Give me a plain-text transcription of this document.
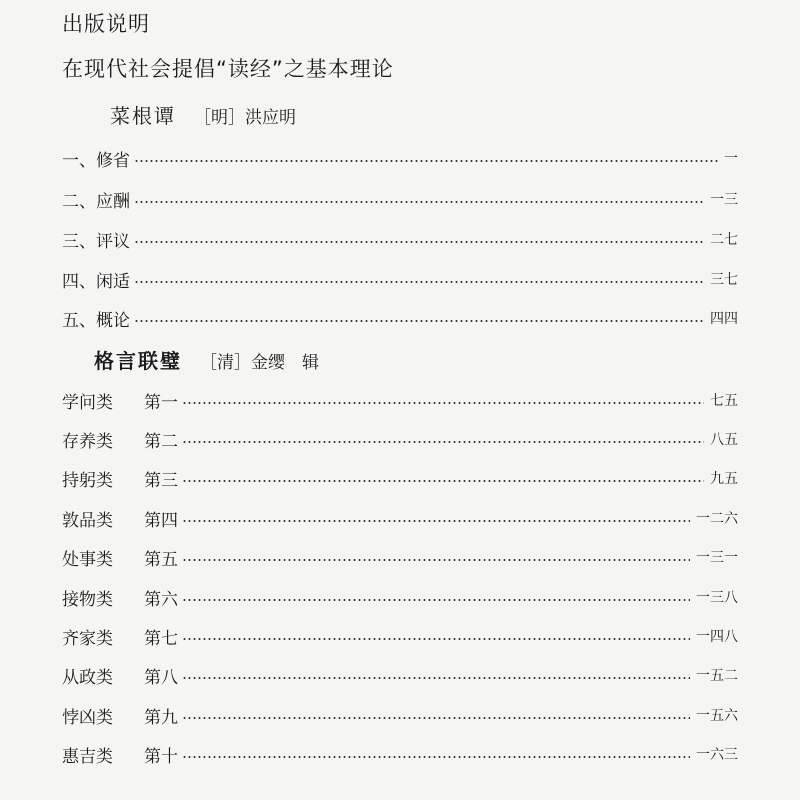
出版说明
在现代社会提倡“读经”之基本理论
菜根谭 ［明］洪应明
一、修省	一
二、应酬	一三
三、评议	二七
四、闲适	三七
五、概论	四四
格言联璧 ［清］金缨　辑
学问类	第一	七五
存养类	第二	八五
持躬类	第三	九五
敦品类	第四	一二六
处事类	第五	一三一
接物类	第六	一三八
齐家类	第七	一四八
从政类	第八	一五二
悖凶类	第九	一五六
惠吉类	第十	一六三
